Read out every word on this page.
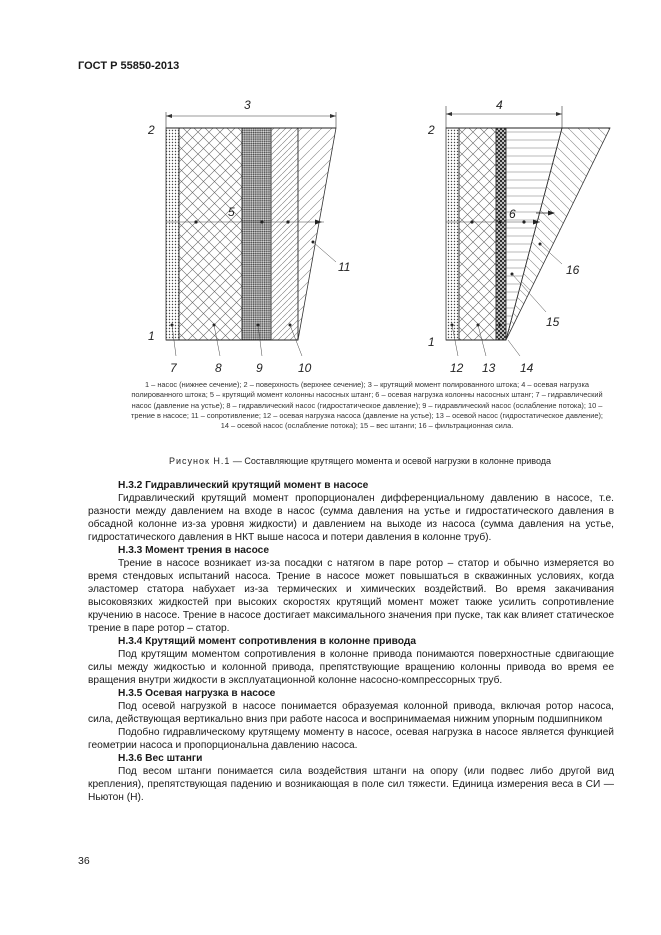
ГОСТ Р 55850-2013
3
2
5
1
7	8	9	10
11
4
2
6
1
12 13 14
15
16
1 – насос (нижнее сечение); 2 – поверхность (верхнее сечение); 3 – крутящий момент полированного штока; 4 – осевая нагрузка полированного штока; 5 – крутящий момент колонны насосных штанг; 6 – осевая нагрузка колонны насосных штанг; 7 – гидравлический насос (давление на устье); 8 – гидравлический насос (гидростатическое давление); 9 – гидравлический насос (ослабление потока); 10 – трение в насосе; 11 – сопротивление; 12 – осевая нагрузка насоса (давление на устье); 13 – осевой насос (гидростатическое давление); 14 – осевой насос (ослабление потока); 15 – вес штанги; 16 – фильтрационная сила.
Рисунок Н.1 — Составляющие крутящего момента и осевой нагрузки в колонне привода
Н.3.2 Гидравлический крутящий момент в насосе

Гидравлический крутящий момент пропорционален дифференциальному давлению в насосе, т.е. разности между давлением на входе в насос (сумма давления на устье и гидростатического давления в обсадной колонне из-за уровня жидкости) и давлением на выходе из насоса (сумма давления на устье, гидростатического давления в НКТ выше насоса и потери давления в колонне труб).

Н.3.3 Момент трения в насосе

Трение в насосе возникает из-за посадки с натягом в паре ротор – статор и обычно измеряется во время стендовых испытаний насоса. Трение в насосе может повышаться в скважинных условиях, когда эластомер статора набухает из-за термических и химических воздействий. Во время закачивания высоковязких жидкостей при высоких скоростях крутящий момент может также усилить сопротивление кручению в насосе. Трение в насосе достигает максимального значения при пуске, так как влияет статическое трение в паре ротор – статор.

Н.3.4 Крутящий момент сопротивления в колонне привода

Под крутящим моментом сопротивления в колонне привода понимаются поверхностные сдвигающие силы между жидкостью и колонной привода, препятствующие вращению колонны привода во время ее вращения внутри жидкости в эксплуатационной колонне насосно-компрессорных труб.

Н.3.5 Осевая нагрузка в насосе

Под осевой нагрузкой в насосе понимается образуемая колонной привода, включая ротор насоса, сила, действующая вертикально вниз при работе насоса и воспринимаемая нижним упорным подшипником

Подобно гидравлическому крутящему моменту в насосе, осевая нагрузка в насосе является функцией геометрии насоса и пропорциональна давлению насоса.

Н.3.6 Вес штанги

Под весом штанги понимается сила воздействия штанги на опору (или подвес либо другой вид крепления), препятствующая падению и возникающая в поле сил тяжести. Единица измерения веса в СИ — Ньютон (Н).

36
